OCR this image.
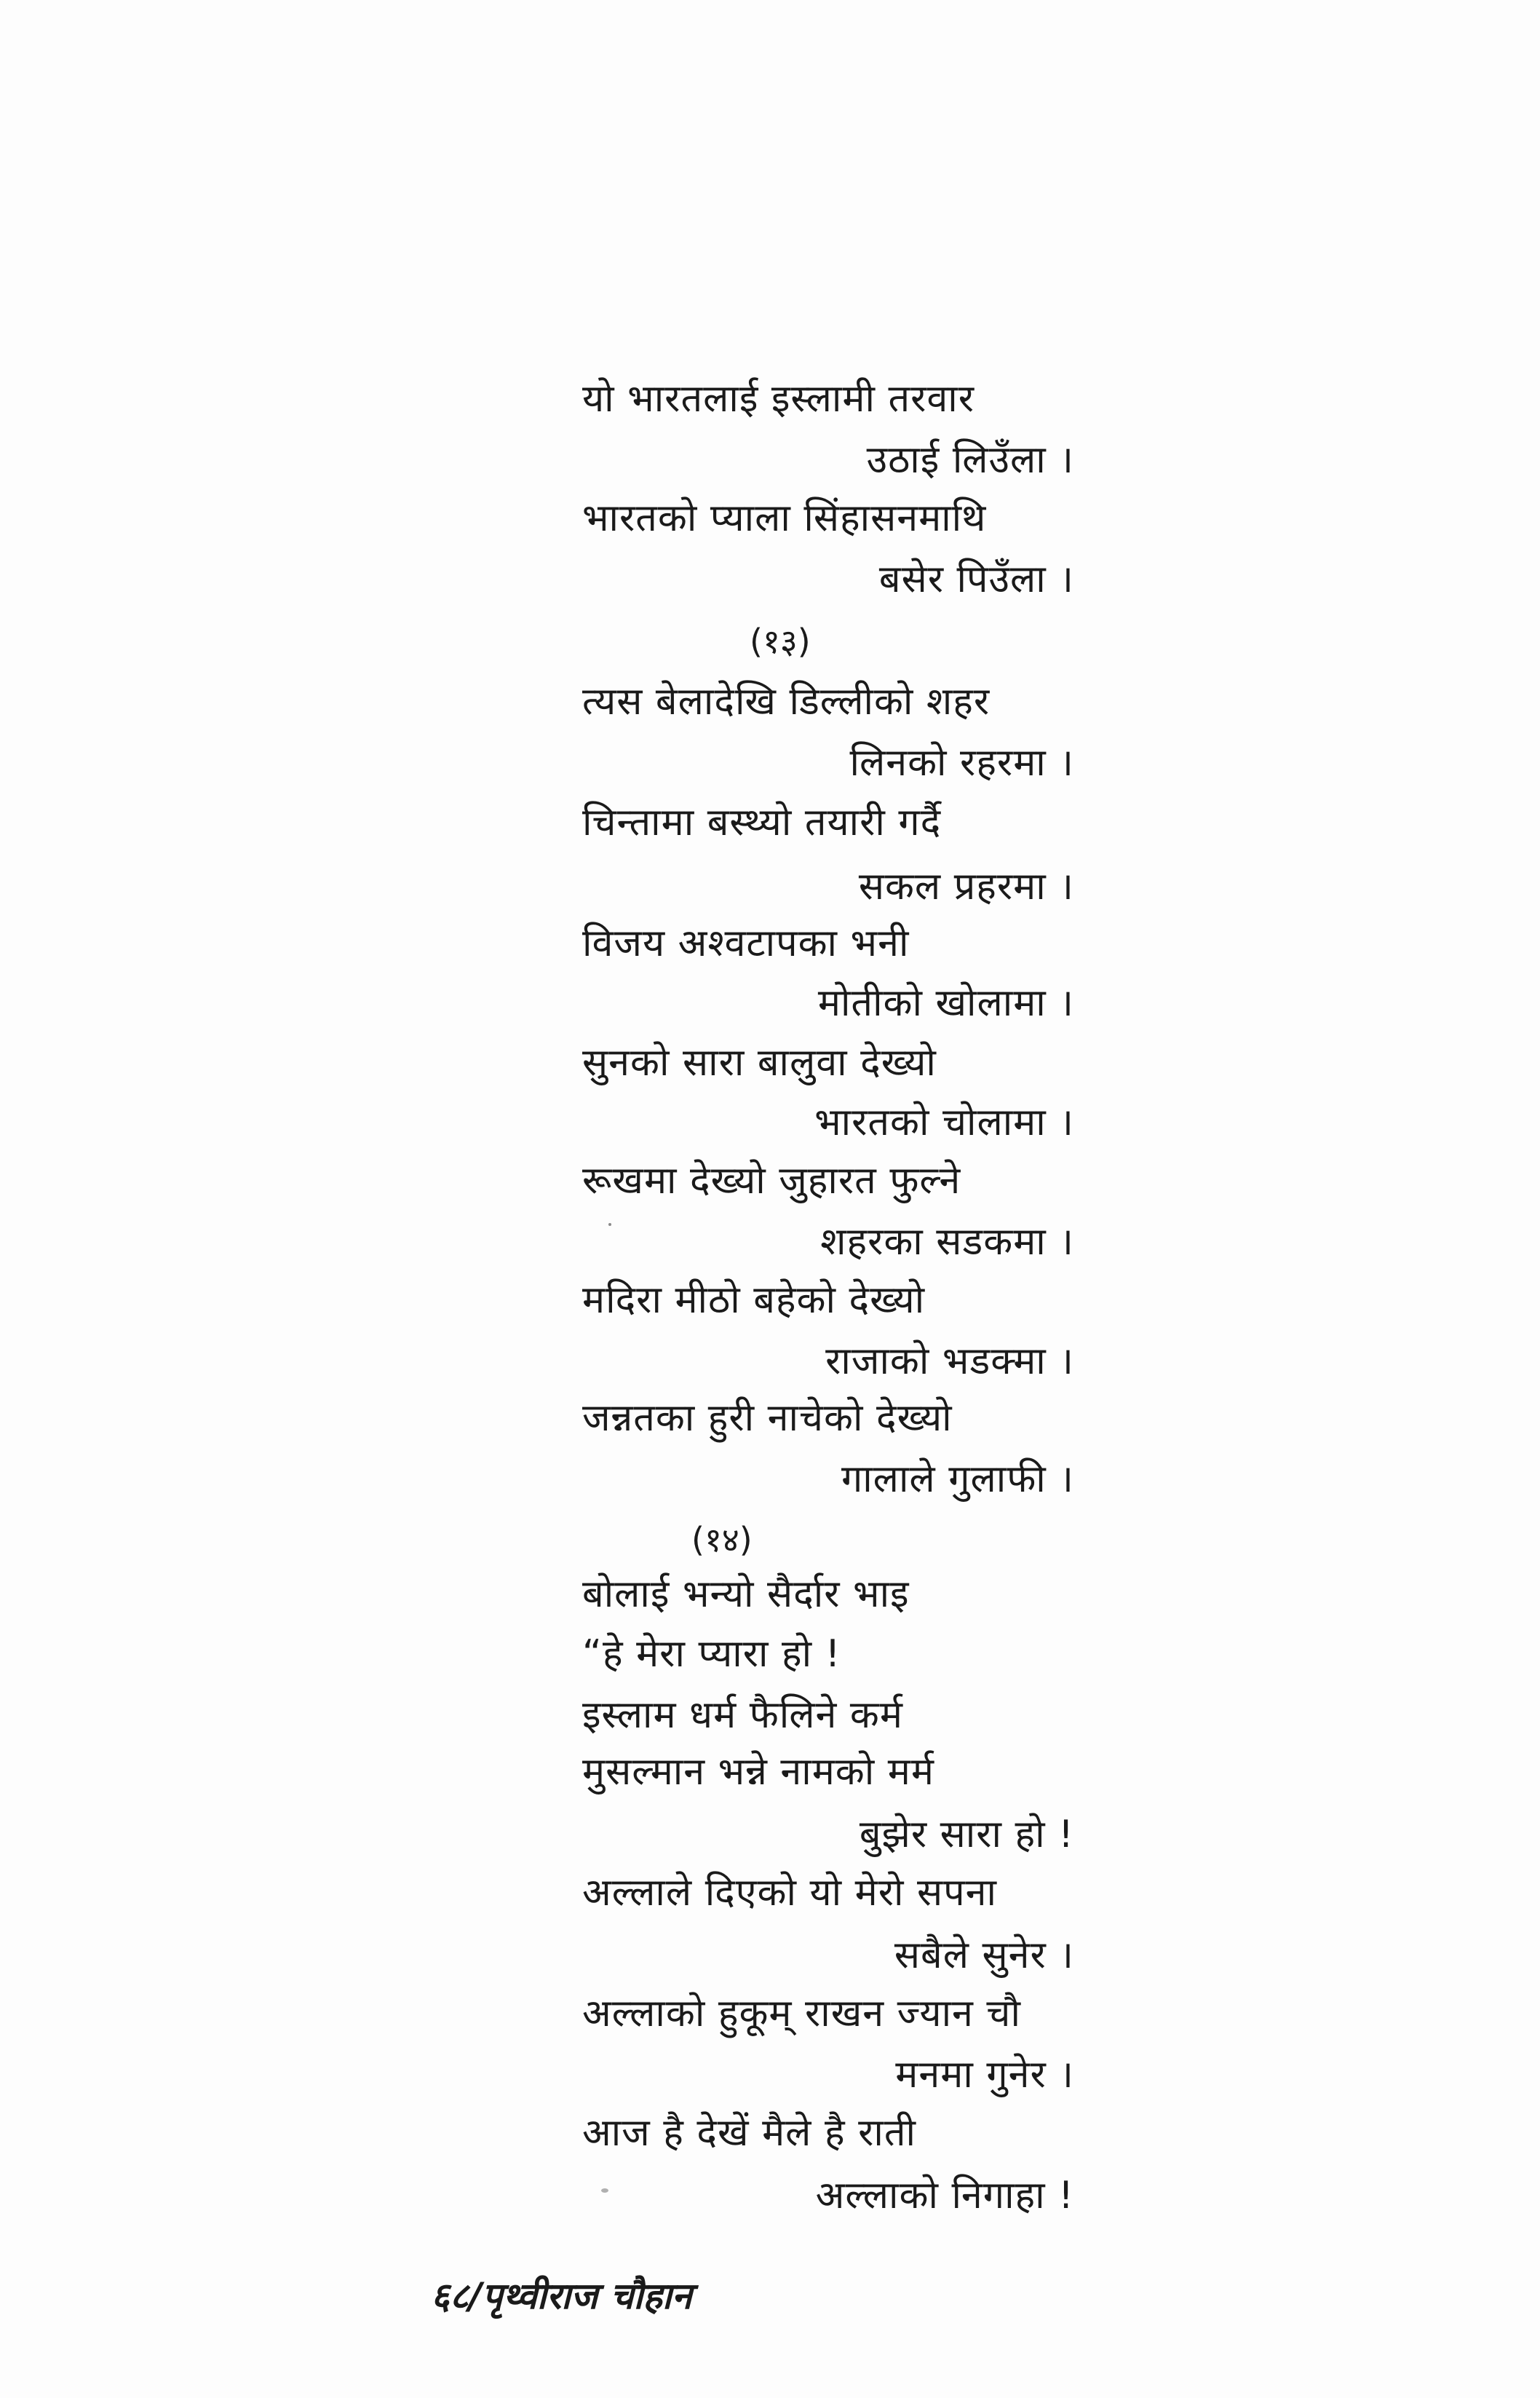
यो भारतलाई इस्लामी तरवार
उठाई लिउँला ।
भारतको प्याला सिंहासनमाथि
बसेर पिउँला ।
(१३)
त्यस बेलादेखि डिल्लीको शहर
लिनको रहरमा ।
चिन्तामा बस्थ्यो तयारी गर्दै
सकल प्रहरमा ।
विजय अश्वटापका भनी
मोतीको खोलामा ।
सुनको सारा बालुवा देख्यो
भारतको चोलामा ।
रूखमा देख्यो जुहारत फुल्ने
शहरका सडकमा ।
मदिरा मीठो बहेको देख्यो
राजाको भडक्मा ।
जन्नतका हुरी नाचेको देख्यो
गालाले गुलाफी ।
(१४)
बोलाई भन्यो सैर्दार भाइ
“हे मेरा प्यारा हो !
इस्लाम धर्म फैलिने कर्म
मुसल्मान भन्ने नामको मर्म
बुझेर सारा हो !
अल्लाले दिएको यो मेरो सपना
सबैले सुनेर ।
अल्लाको हुकूम् राखन ज्यान चौ
मनमा गुनेर ।
आज है देखें मैले है राती
अल्लाको निगाहा !
६८/पृथ्वीराज चौहान
